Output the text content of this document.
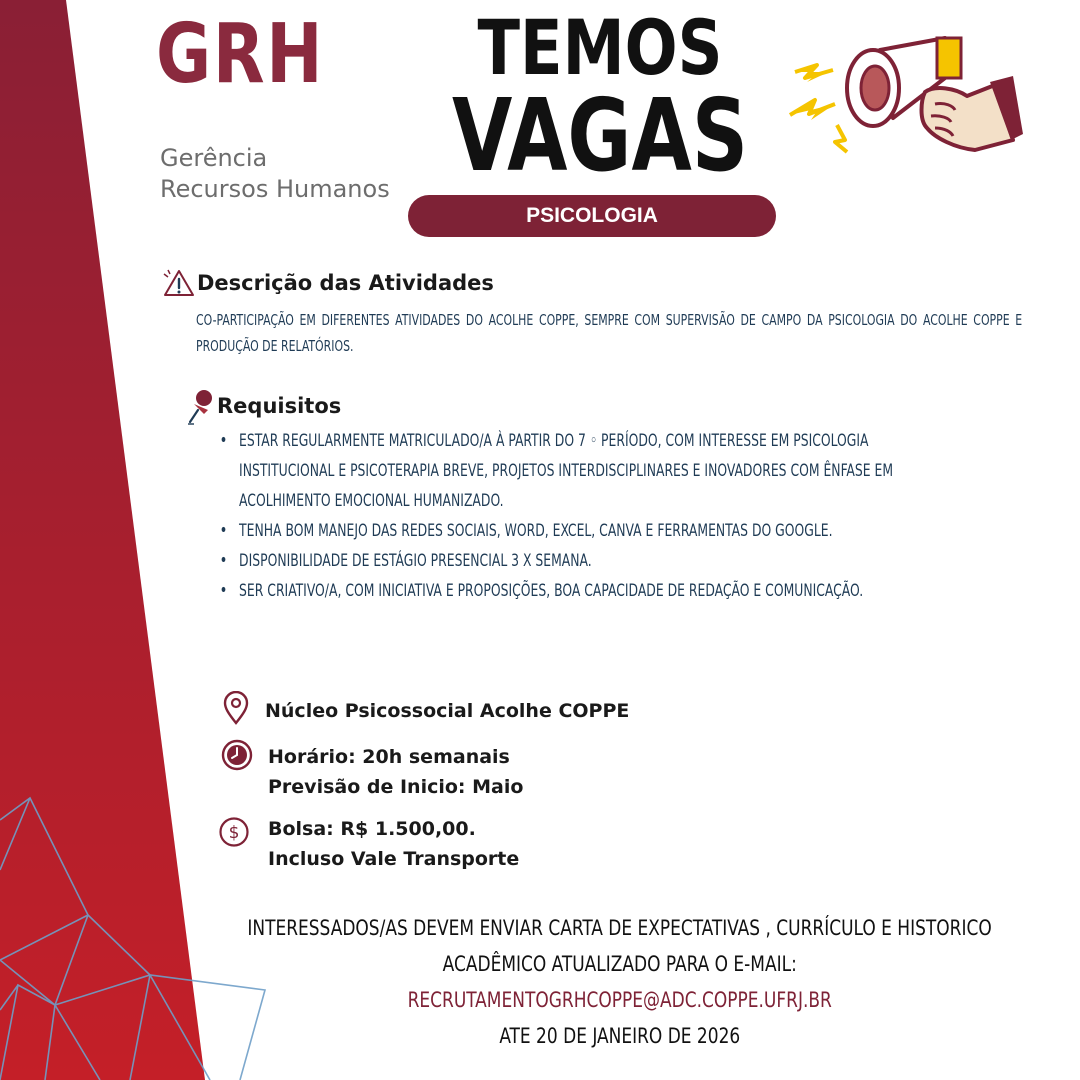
GRH
Gerência
Recursos Humanos
TEMOS
VAGAS
PSICOLOGIA
Descrição das Atividades
CO-PARTICIPAÇÃO EM DIFERENTES ATIVIDADES DO ACOLHE COPPE, SEMPRE COM SUPERVISÃO DE CAMPO DA PSICOLOGIA DO ACOLHE COPPE E PRODUÇÃO DE RELATÓRIOS.
Requisitos
• ESTAR REGULARMENTE MATRICULADO/A À PARTIR DO 7 ◦ PERÍODO, COM INTERESSE EM PSICOLOGIA INSTITUCIONAL E PSICOTERAPIA BREVE, PROJETOS INTERDISCIPLINARES E INOVADORES COM ÊNFASE EM ACOLHIMENTO EMOCIONAL HUMANIZADO.
• TENHA BOM MANEJO DAS REDES SOCIAIS, WORD, EXCEL, CANVA E FERRAMENTAS DO GOOGLE.
• DISPONIBILIDADE DE ESTÁGIO PRESENCIAL 3 X SEMANA.
• SER CRIATIVO/A, COM INICIATIVA E PROPOSIÇÕES, BOA CAPACIDADE DE REDAÇÃO E COMUNICAÇÃO.
Núcleo Psicossocial Acolhe COPPE
Horário: 20h semanais
Previsão de Inicio: Maio
$ Bolsa: R$ 1.500,00.
Incluso Vale Transporte
INTERESSADOS/AS DEVEM ENVIAR CARTA DE EXPECTATIVAS , CURRÍCULO E HISTORICO
ACADÊMICO ATUALIZADO PARA O E-MAIL:
RECRUTAMENTOGRHCOPPE@ADC.COPPE.UFRJ.BR
ATE 20 DE JANEIRO DE 2026
